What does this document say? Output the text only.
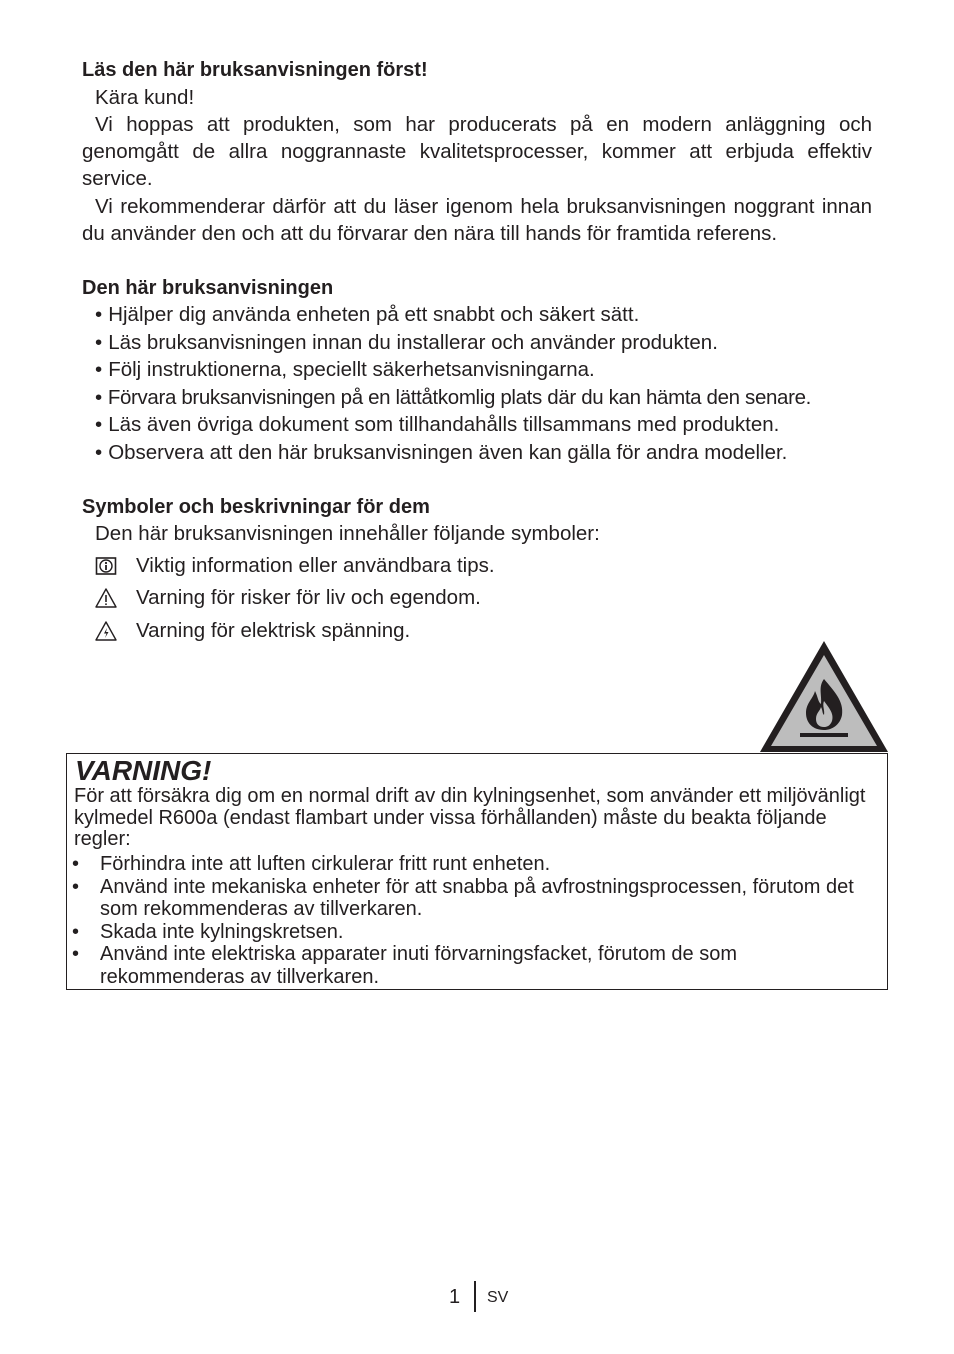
Läs den här bruksanvisningen först!

Kära kund!

Vi hoppas att produkten, som har producerats på en modern anläggning och genomgått de allra noggrannaste kvalitetsprocesser, kommer att erbjuda effektiv service.

Vi rekommenderar därför att du läser igenom hela bruksanvisningen noggrant innan du använder den och att du förvarar den nära till hands för framtida referens.

Den här bruksanvisningen
• Hjälper dig använda enheten på ett snabbt och säkert sätt.
• Läs bruksanvisningen innan du installerar och använder produkten.
• Följ instruktionerna, speciellt säkerhetsanvisningarna.
• Förvara bruksanvisningen på en lättåtkomlig plats där du kan hämta den senare.
• Läs även övriga dokument som tillhandahålls tillsammans med produkten.
• Observera att den här bruksanvisningen även kan gälla för andra modeller.
Symboler och beskrivningar för dem

Den här bruksanvisningen innehåller följande symboler:

Viktig information eller användbara tips.
Varning för risker för liv och egendom.
Varning för elektrisk spänning.
VARNING!

För att försäkra dig om en normal drift av din kylningsenhet, som använder ett miljövänligt kylmedel R600a (endast flambart under vissa förhållanden) måste du beakta följande regler:

• Förhindra inte att luften cirkulerar fritt runt enheten.
• Använd inte mekaniska enheter för att snabba på avfrostningsprocessen, förutom det som rekommenderas av tillverkaren.
• Skada inte kylningskretsen.
• Använd inte elektriska apparater inuti förvarningsfacket, förutom de som rekommenderas av tillverkaren.
1 SV
